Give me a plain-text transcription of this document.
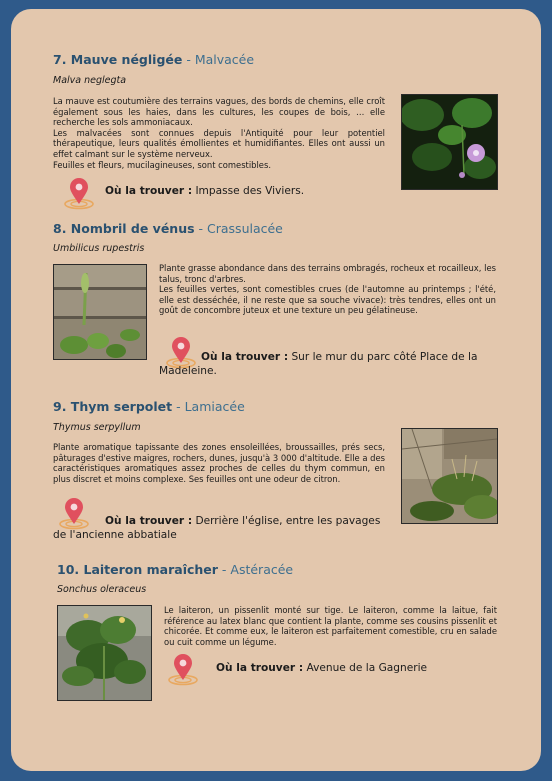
7. Mauve négligée - Malvacée
Malva neglegta

La mauve est coutumière des terrains vagues, des bords de chemins, elle croît également sous les haies, dans les cultures, les coupes de bois, … elle recherche les sols ammoniacaux.

Les malvacées sont connues depuis l'Antiquité pour leur potentiel thérapeutique, leurs qualités émollientes et humidifiantes. Elles ont aussi un effet calmant sur le système nerveux.

Feuilles et fleurs, mucilagineuses, sont comestibles.

Où la trouver : Impasse des Viviers.
8. Nombril de vénus - Crassulacée
Umbilicus rupestris

Plante grasse abondance dans des terrains ombragés, rocheux et rocailleux, les talus, tronc d'arbres.

Les feuilles vertes, sont comestibles crues (de l'automne au printemps ; l'été, elle est desséchée, il ne reste que sa souche vivace): très tendres, elles ont un goût de concombre juteux et une texture un peu gélatineuse.

Où la trouver : Sur le mur du parc côté Place de la Madeleine.
9. Thym serpolet - Lamiacée
Thymus serpyllum

Plante aromatique tapissante des zones ensoleillées, broussailles, prés secs, pâturages d'estive maigres, rochers, dunes, jusqu'à 3 000 d'altitude. Elle a des caractéristiques aromatiques assez proches de celles du thym commun, en plus discret et moins complexe. Ses feuilles ont une odeur de citron.

Où la trouver : Derrière l'église, entre les pavages de l'ancienne abbatiale
10. Laiteron maraîcher - Astéracée
Sonchus oleraceus

Le laiteron, un pissenlit monté sur tige. Le laiteron, comme la laitue, fait référence au latex blanc que contient la plante, comme ses cousins pissenlit et chicorée. Et comme eux, le laiteron est parfaitement comestible, cru en salade ou cuit comme un légume.

Où la trouver : Avenue de la Gagnerie
